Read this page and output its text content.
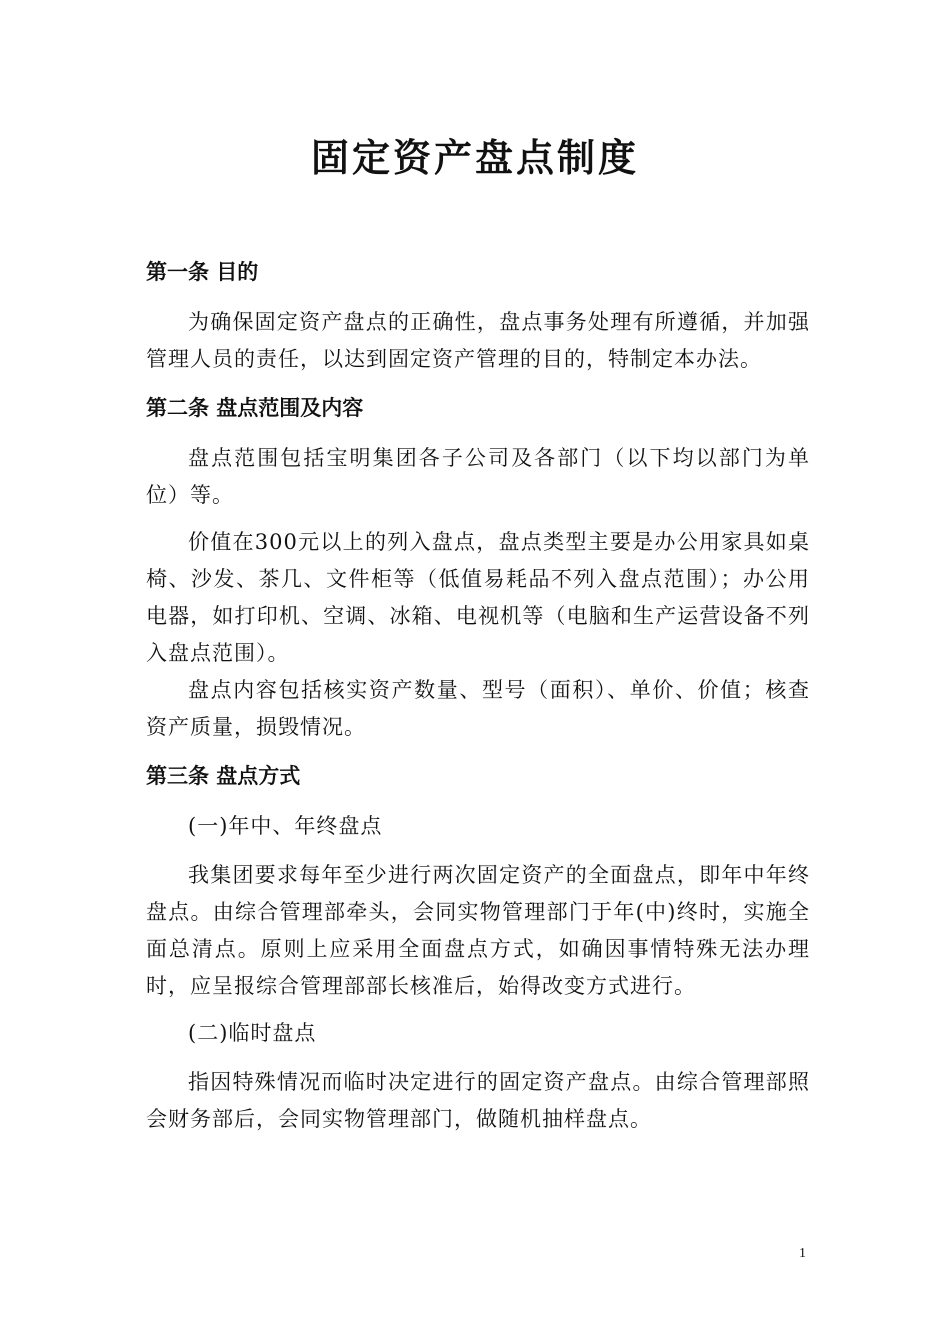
固定资产盘点制度
第一条 目的

为确保固定资产盘点的正确性，盘点事务处理有所遵循，并加强管理人员的责任，以达到固定资产管理的目的，特制定本办法。

第二条 盘点范围及内容

盘点范围包括宝明集团各子公司及各部门（以下均以部门为单位）等。

价值在300元以上的列入盘点，盘点类型主要是办公用家具如桌椅、沙发、茶几、文件柜等（低值易耗品不列入盘点范围）；办公用电器，如打印机、空调、冰箱、电视机等（电脑和生产运营设备不列入盘点范围）。

盘点内容包括核实资产数量、型号（面积）、单价、价值；核查资产质量，损毁情况。

第三条 盘点方式

(一)年中、年终盘点

我集团要求每年至少进行两次固定资产的全面盘点，即年中年终盘点。由综合管理部牵头，会同实物管理部门于年(中)终时，实施全面总清点。原则上应采用全面盘点方式，如确因事情特殊无法办理时，应呈报综合管理部部长核准后，始得改变方式进行。

(二)临时盘点

指因特殊情况而临时决定进行的固定资产盘点。由综合管理部照会财务部后，会同实物管理部门，做随机抽样盘点。

1
